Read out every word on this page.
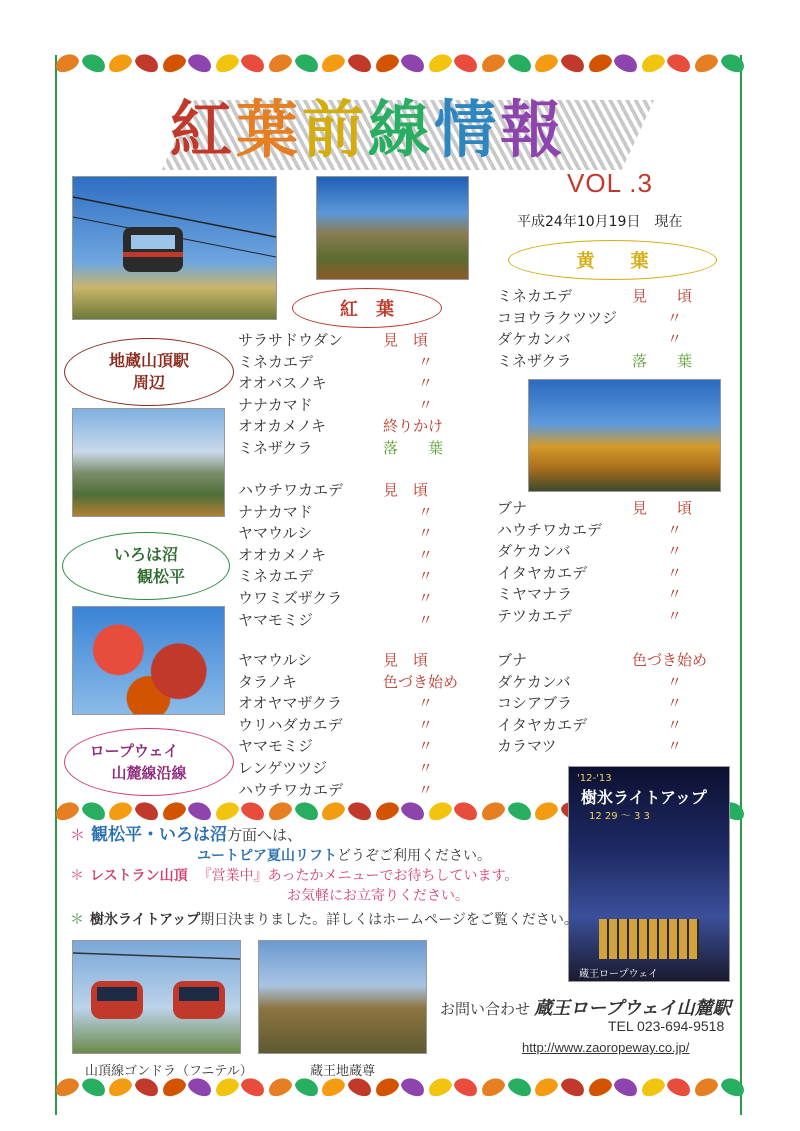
紅葉前線情報
VOL .3
平成24年10月19日　現在
'12-'13
樹氷ライトアップ
12 29 ～ 3 3
蔵王ロープウェイ
紅　葉
黄　　葉
地蔵山頂駅
周辺
いろは沼
観松平
ロープウェイ
山麓線沿線
サラサドウダン	見　頃
ミネカエデ	〃
オオバスノキ	〃
ナナカマド	〃
オオカメノキ	終りかけ
ミネザクラ	落　　葉
ミネカエデ	見　　頃
コヨウラクツツジ	〃
ダケカンバ	〃
ミネザクラ	落　　葉
ハウチワカエデ	見　頃
ナナカマド	〃
ヤマウルシ	〃
オオカメノキ	〃
ミネカエデ	〃
ウワミズザクラ	〃
ヤマモミジ	〃
ブナ	見　　頃
ハウチワカエデ	〃
ダケカンバ	〃
イタヤカエデ	〃
ミヤマナラ	〃
テツカエデ	〃
ヤマウルシ	見　頃
タラノキ	色づき始め
オオヤマザクラ	〃
ウリハダカエデ	〃
ヤマモミジ	〃
レンゲツツジ	〃
ハウチワカエデ	〃
ブナ	色づき始め
ダケカンバ	〃
コシアブラ	〃
イタヤカエデ	〃
カラマツ	〃
＊ 観松平・いろは沼方面へは、
ユートピア夏山リフトどうぞご利用ください。
＊ レストラン山頂 『営業中』あったかメニューでお待ちしています。
お気軽にお立寄りください。
＊ 樹氷ライトアップ期日決まりました。詳しくはホームページをご覧ください。
山頂線ゴンドラ（フニテル）	蔵王地蔵尊
お問い合わせ 蔵王ロープウェイ山麓駅
TEL 023-694-9518
http://www.zaoropeway.co.jp/
